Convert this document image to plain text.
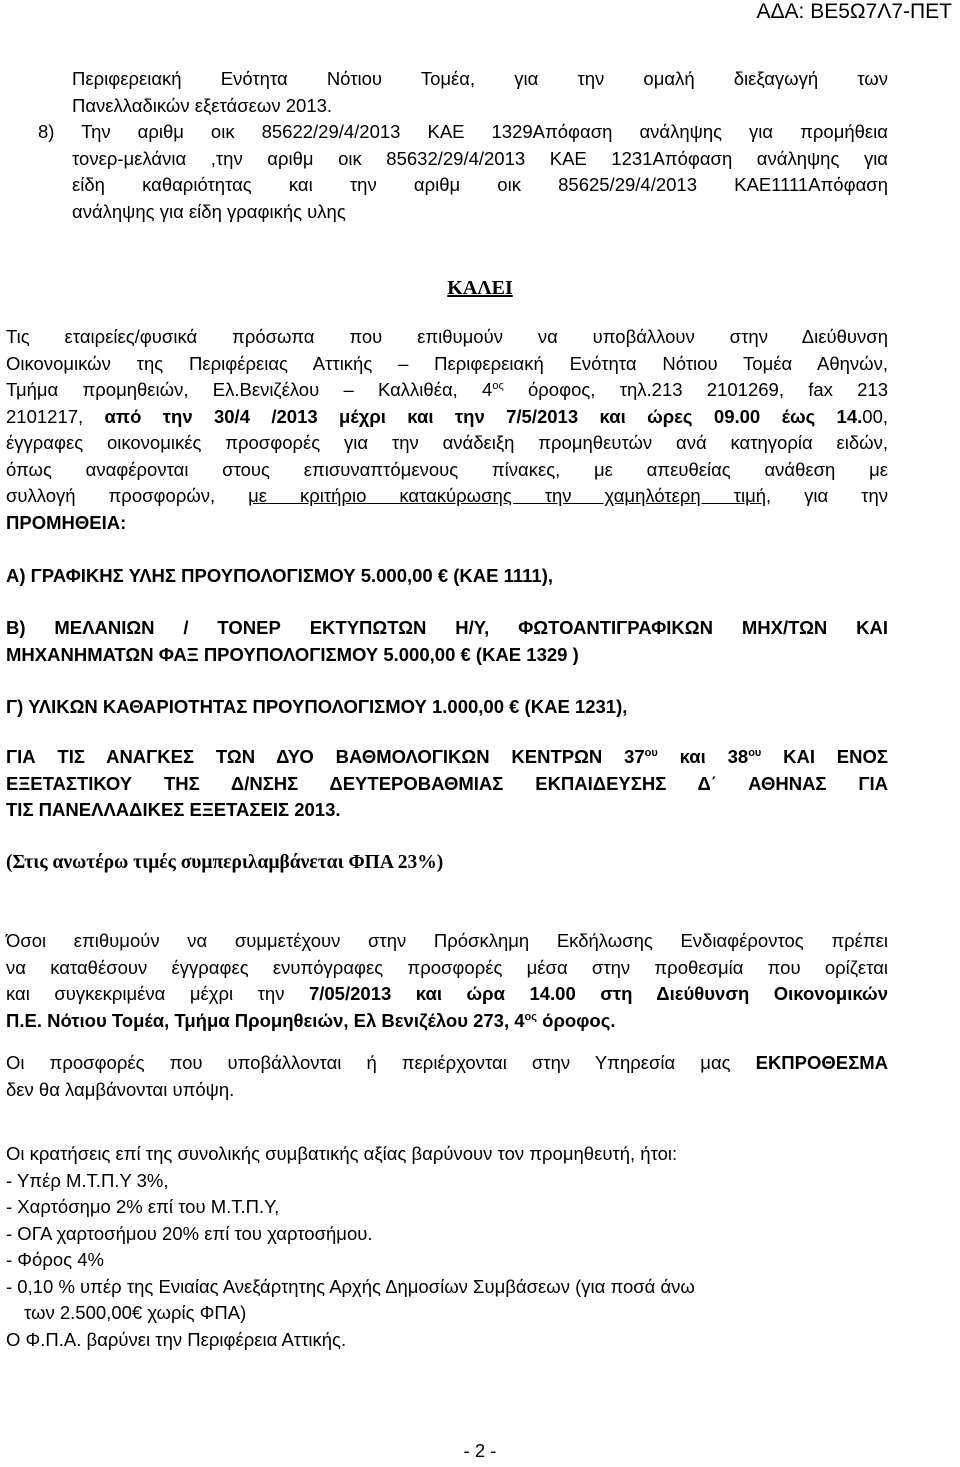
ΑΔΑ: ΒΕ5Ω7Λ7-ΠΕΤ
Περιφερειακή Ενότητα Νότιου Τομέα, για την ομαλή διεξαγωγή των
Πανελλαδικών εξετάσεων 2013.
8) Την αριθμ οικ 85622/29/4/2013 ΚΑΕ 1329Απόφαση ανάληψης για προμήθεια
τονερ-μελάνια ,την αριθμ οικ 85632/29/4/2013 ΚΑΕ 1231Απόφαση ανάληψης για
είδη καθαριότητας και την αριθμ οικ 85625/29/4/2013 ΚΑΕ1111Απόφαση
ανάληψης για είδη γραφικής υλης
ΚΑΛΕΙ
Τις εταιρείες/φυσικά πρόσωπα που επιθυμούν να υποβάλλουν στην Διεύθυνση
Οικονομικών της Περιφέρειας Αττικής – Περιφερειακή Ενότητα Νότιου Τομέα Αθηνών,
Τμήμα προμηθειών, Ελ.Βενιζέλου – Καλλιθέα, $4^{o\varsigma}$ όροφος, τηλ.213 2101269, fax 213
2101217, από την 30/4 /2013 μέχρι και την 7/5/2013 και ώρες 09.00 έως 14.00,
έγγραφες οικονομικές προσφορές για την ανάδειξη προμηθευτών ανά κατηγορία ειδών,
όπως αναφέρονται στους επισυναπτόμενους πίνακες, με απευθείας ανάθεση με
συλλογή προσφορών, με κριτήριο κατακύρωσης την χαμηλότερη τιμή, για την
ΠΡΟΜΗΘΕΙΑ:
Α) ΓΡΑΦΙΚΗΣ ΥΛΗΣ ΠΡΟΥΠΟΛΟΓΙΣΜΟΥ 5.000,00 € (ΚΑΕ 1111),
Β) ΜΕΛΑΝΙΩΝ / ΤΟΝΕΡ ΕΚΤΥΠΩΤΩΝ Η/Υ, ΦΩΤΟΑΝΤΙΓΡΑΦΙΚΩΝ ΜΗΧ/ΤΩΝ ΚΑΙ
ΜΗΧΑΝΗΜΑΤΩΝ ΦΑΞ ΠΡΟΥΠΟΛΟΓΙΣΜΟΥ 5.000,00 € (ΚΑΕ 1329 )
Γ) ΥΛΙΚΩΝ ΚΑΘΑΡΙΟΤΗΤΑΣ ΠΡΟΥΠΟΛΟΓΙΣΜΟΥ 1.000,00 € (ΚΑΕ 1231),
ΓΙΑ ΤΙΣ ΑΝΑΓΚΕΣ ΤΩΝ ΔΥΟ ΒΑΘΜΟΛΟΓΙΚΩΝ ΚΕΝΤΡΩΝ $37^{o\upsilon}$ και $38^{o\upsilon}$ ΚΑΙ ΕΝΟΣ
ΕΞΕΤΑΣΤΙΚΟΥ ΤΗΣ Δ/ΝΣΗΣ ΔΕΥΤΕΡΟΒΑΘΜΙΑΣ ΕΚΠΑΙΔΕΥΣΗΣ Δ΄ ΑΘΗΝΑΣ ΓΙΑ
ΤΙΣ ΠΑΝΕΛΛΑΔΙΚΕΣ ΕΞΕΤΑΣΕΙΣ 2013.
(Στις ανωτέρω τιμές συμπεριλαμβάνεται ΦΠΑ 23%)
Όσοι επιθυμούν να συμμετέχουν στην Πρόσκλημη Εκδήλωσης Ενδιαφέροντος πρέπει
να καταθέσουν έγγραφες ενυπόγραφες προσφορές μέσα στην προθεσμία που ορίζεται
και συγκεκριμένα μέχρι την 7/05/2013 και ώρα 14.00 στη Διεύθυνση Οικονομικών
Π.Ε. Νότιου Τομέα, Τμήμα Προμηθειών, Ελ Βενιζέλου 273, $4^{o\varsigma}$ όροφος.
Οι προσφορές που υποβάλλονται ή περιέρχονται στην Υπηρεσία μας ΕΚΠΡΟΘΕΣΜΑ
δεν θα λαμβάνονται υπόψη.
Οι κρατήσεις επί της συνολικής συμβατικής αξίας βαρύνουν τον προμηθευτή, ήτοι:
- Υπέρ Μ.Τ.Π.Υ 3%,
- Χαρτόσημο 2% επί του Μ.Τ.Π.Υ,
- ΟΓΑ χαρτοσήμου 20% επί του χαρτοσήμου.
- Φόρος 4%
- 0,10 % υπέρ της Ενιαίας Ανεξάρτητης Αρχής Δημοσίων Συμβάσεων (για ποσά άνω
των 2.500,00€ χωρίς ΦΠΑ)
Ο Φ.Π.Α. βαρύνει την Περιφέρεια Αττικής.
- 2 -
